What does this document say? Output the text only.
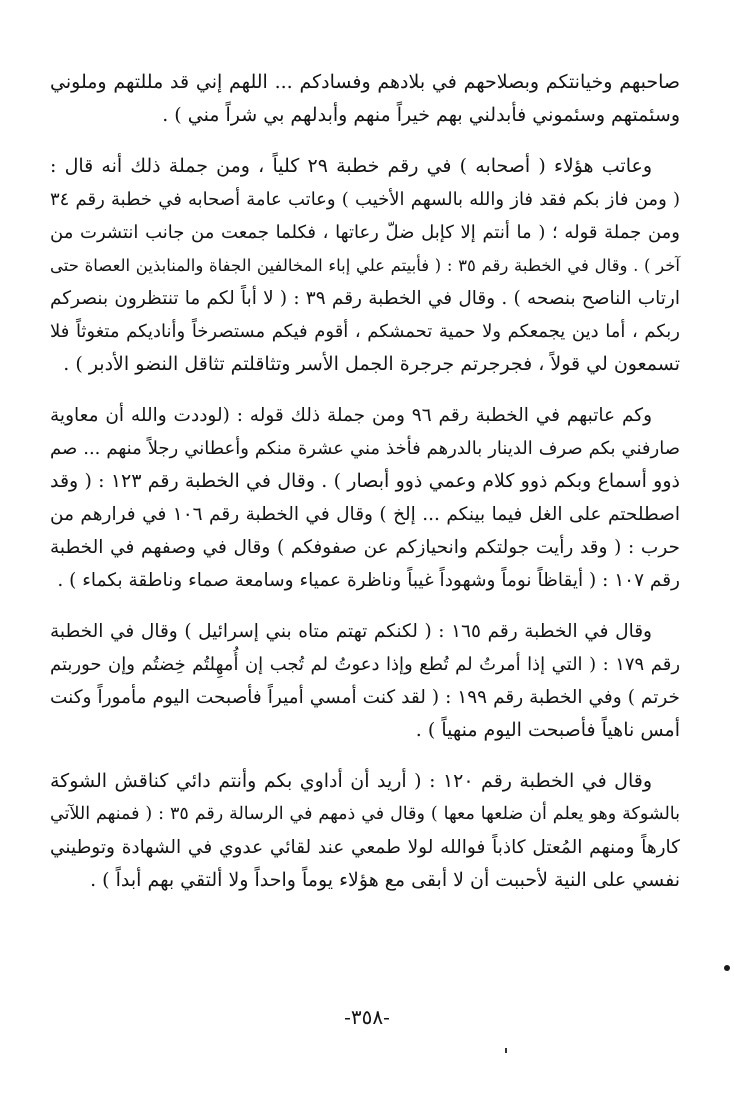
صاحبهم وخيانتكم وبصلاحهم في بلادهم وفسادكم ... اللهم إني قد مللتهم وملوني
وسئمتهم وسئموني فأبدلني بهم خيراً منهم وأبدلهم بي شراً مني ) .
وعاتب هؤلاء ( أصحابه ) في رقم خطبة ٢٩ كلياً ، ومن جملة ذلك أنه قال :
( ومن فاز بكم فقد فاز والله بالسهم الأخيب ) وعاتب عامة أصحابه في خطبة رقم ٣٤
ومن جملة قوله ؛ ( ما أنتم إلا كإبل ضلّ رعاتها ، فكلما جمعت من جانب انتشرت من
آخر ) . وقال في الخطبة رقم ٣٥ : ( فأبيتم علي إباء المخالفين الجفاة والمنابذين العصاة حتى
ارتاب الناصح بنصحه ) . وقال في الخطبة رقم ٣٩ : ( لا أباً لكم ما تنتظرون بنصركم
ربكم ، أما دين يجمعكم ولا حمية تحمشكم ، أقوم فيكم مستصرخاً وأناديكم متغوثاً فلا
تسمعون لي قولاً ، فجرجرتم جرجرة الجمل الأسر وتثاقلتم تثاقل النضو الأدبر ) .
وكم عاتبهم في الخطبة رقم ٩٦ ومن جملة ذلك قوله : (لوددت والله أن معاوية
صارفني بكم صرف الدينار بالدرهم فأخذ مني عشرة منكم وأعطاني رجلاً منهم ... صم
ذوو أسماع وبكم ذوو كلام وعمي ذوو أبصار ) . وقال في الخطبة رقم ١٢٣ : ( وقد
اصطلحتم على الغل فيما بينكم ... إلخ ) وقال في الخطبة رقم ١٠٦ في فرارهم من
حرب : ( وقد رأيت جولتكم وانحيازكم عن صفوفكم ) وقال في وصفهم في الخطبة
رقم ١٠٧ : ( أيقاظاً نوماً وشهوداً غيباً وناظرة عمياء وسامعة صماء وناطقة بكماء ) .
وقال في الخطبة رقم ١٦٥ : ( لكنكم تهتم متاه بني إسرائيل ) وقال في الخطبة
رقم ١٧٩ : ( التي إذا أمرتُ لم تُطع وإذا دعوتُ لم تُجب إن أُمهِلتُم خِضتُم وإن حوربتم
خرتم ) وفي الخطبة رقم ١٩٩ : ( لقد كنت أمسي أميراً فأصبحت اليوم مأموراً وكنت
أمس ناهياً فأصبحت اليوم منهياً ) .
وقال في الخطبة رقم ١٢٠ : ( أريد أن أداوي بكم وأنتم دائي كناقش الشوكة
بالشوكة وهو يعلم أن ضلعها معها ) وقال في ذمهم في الرسالة رقم ٣٥ : ( فمنهم اللآتي
كارهاً ومنهم المُعتل كاذباً فوالله لولا طمعي عند لقائي عدوي في الشهادة وتوطيني
نفسي على النية لأحببت أن لا أبقى مع هؤلاء يوماً واحداً ولا ألتقي بهم أبداً ) .
-٣٥٨-
